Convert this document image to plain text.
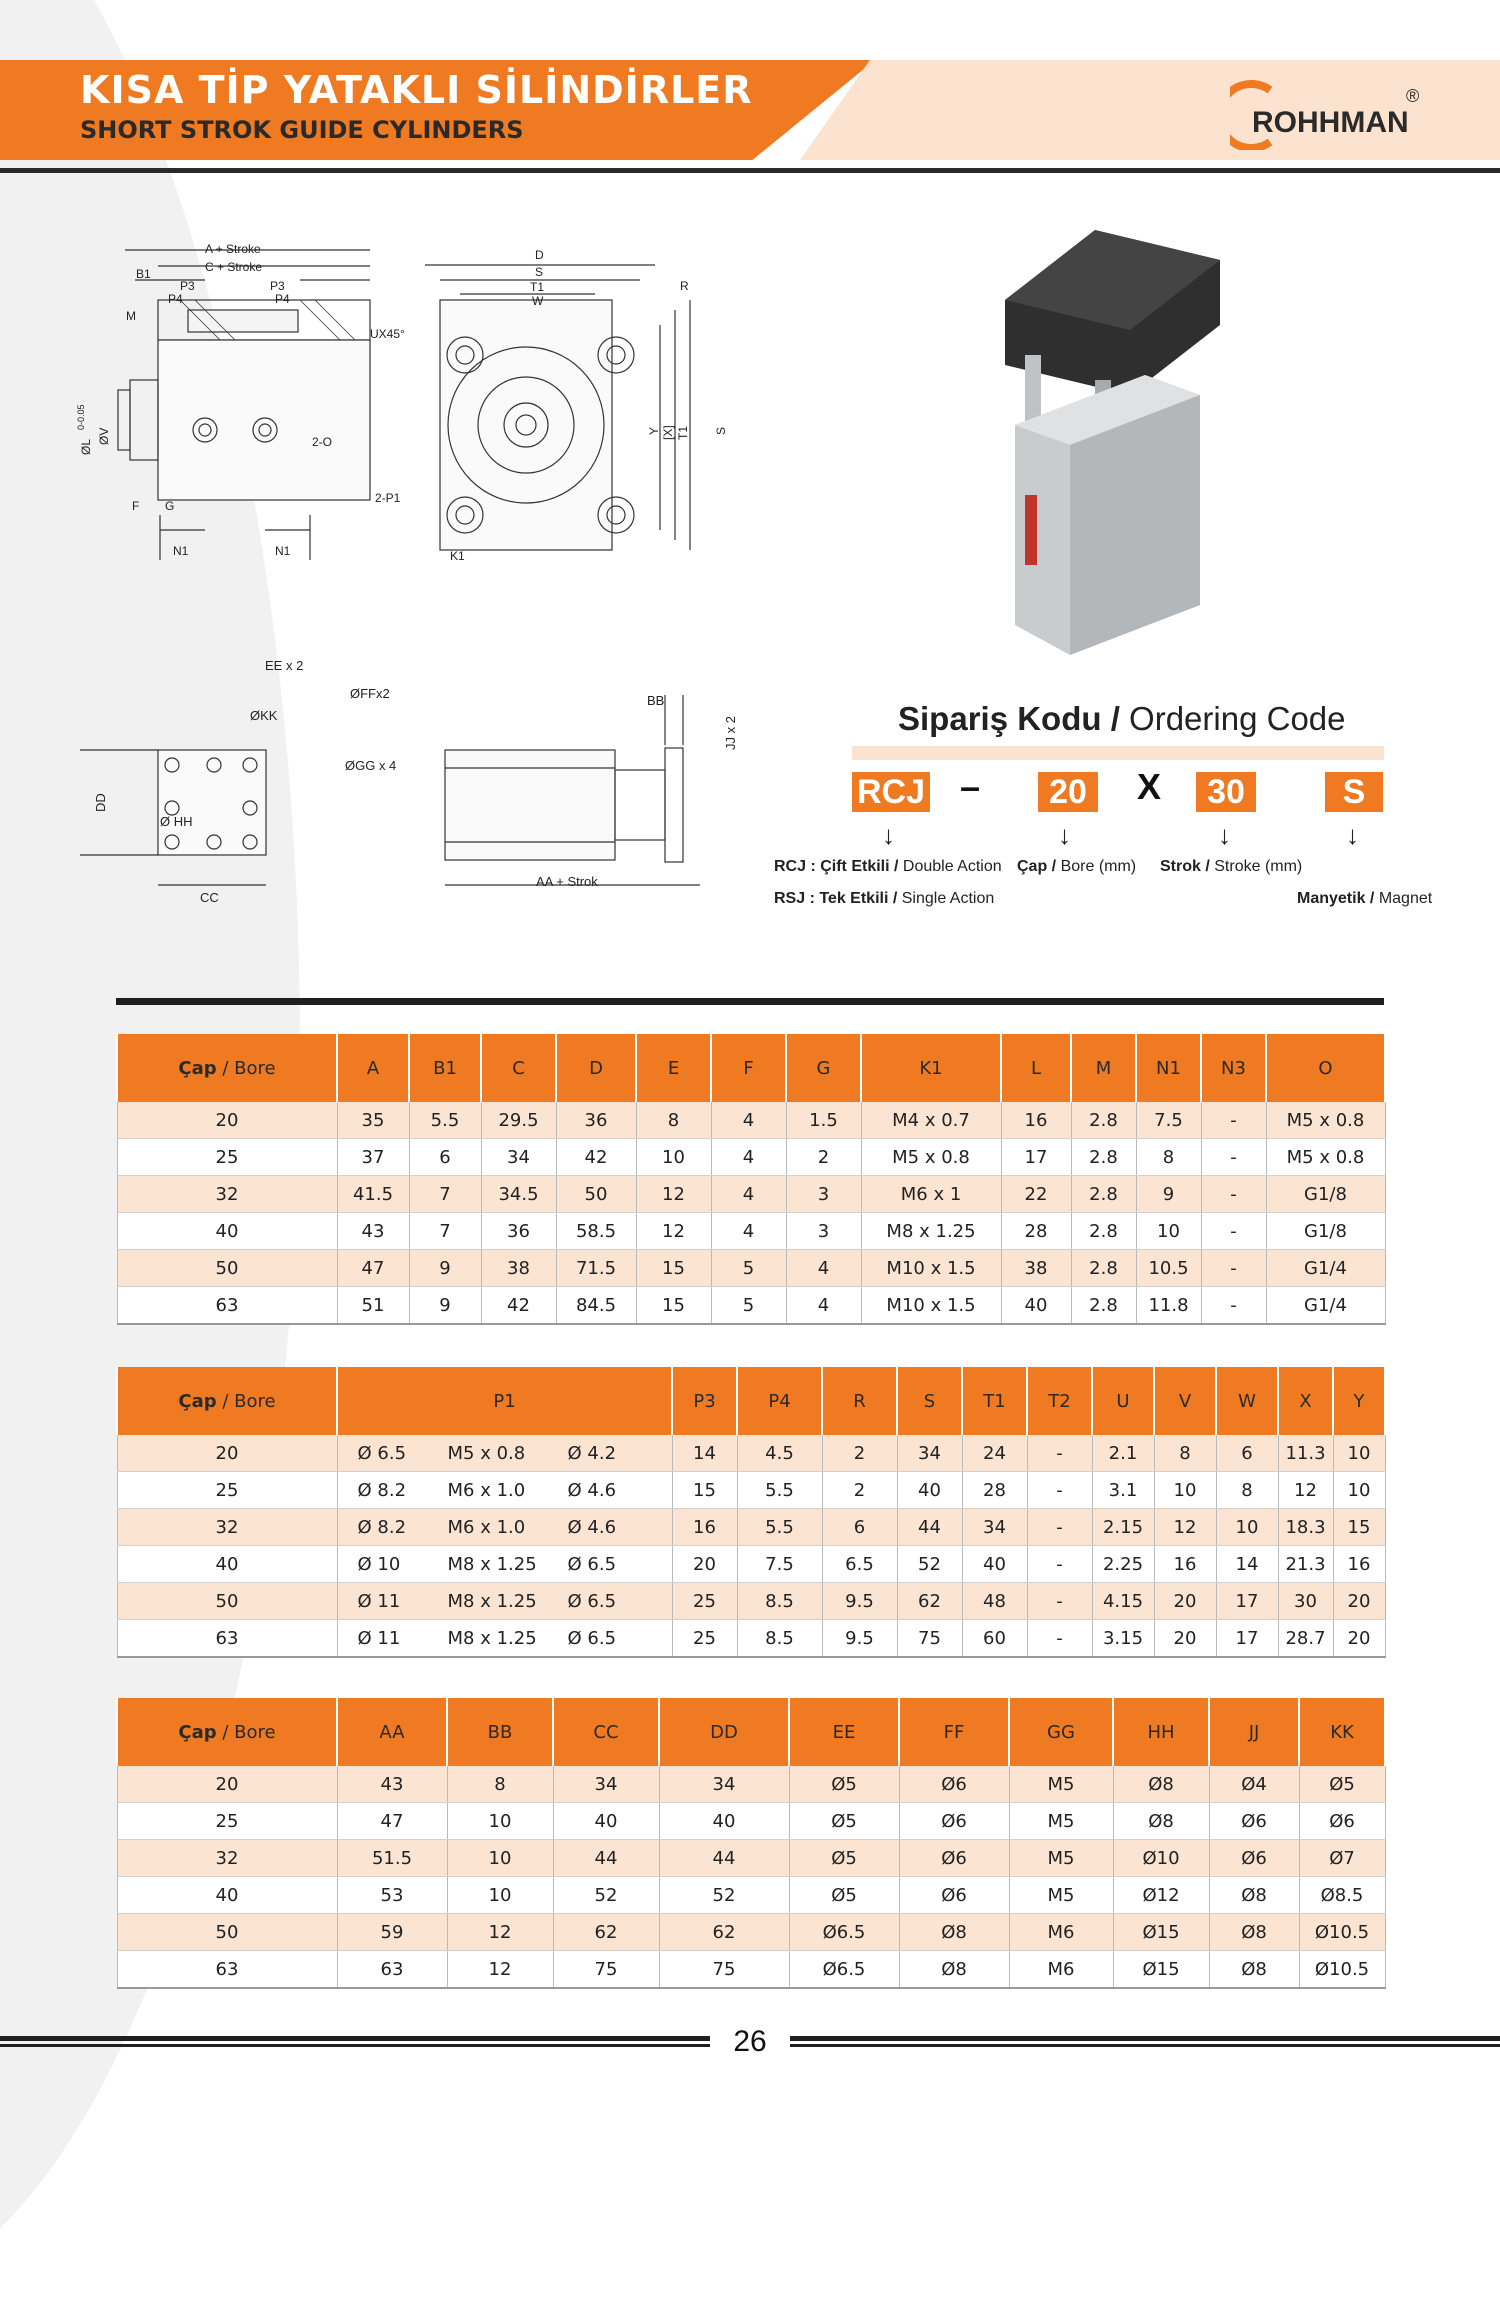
KISA TİP YATAKLI SİLİNDİRLER
SHORT STROK GUIDE CYLINDERS	ROHHMAN
®
A + Stroke
C + Stroke
B1
P3	P3
P4	P4
M
ØL
0-0.05
ØV	2-O
F G
N1	N1
D
S
T1
W
R
UX45°
Y [X] T1 S
2-P1
K1
EE x 2
ØFFx2
ØKK
ØGG x 4
Ø HH
DD
CC
BB
JJ x 2
AA + Strok
Sipariş Kodu / Ordering Code
RCJ –	20	X	30	S
↓	↓	↓	↓
RCJ : Çift Etkili / Double Action
RSJ : Tek Etkili / Single Action
Çap / Bore (mm) Strok / Stroke (mm)
Manyetik / Magnet
Çap / Bore	A	B1	C	D	E	F	G	K1	L	M	N1	N3	O
20	35	5.5	29.5	36	8	4	1.5	M4 x 0.7	16	2.8	7.5	-	M5 x 0.8
25	37	6	34	42	10	4	2	M5 x 0.8	17	2.8	8	-	M5 x 0.8
32	41.5	7	34.5	50	12	4	3	M6 x 1	22	2.8	9	-	G1/8
40	43	7	36	58.5	12	4	3	M8 x 1.25	28	2.8	10	-	G1/8
50	47	9	38	71.5	15	5	4	M10 x 1.5	38	2.8	10.5	-	G1/4
63	51	9	42	84.5	15	5	4	M10 x 1.5	40	2.8	11.8	-	G1/4
Çap / Bore	P1	P3	P4	R	S	T1	T2	U	V	W	X	Y
20	Ø 6.5 M5 x 0.8 Ø 4.2	14	4.5	2	34	24	-	2.1	8	6	11.3	10
25	Ø 8.2 M6 x 1.0 Ø 4.6	15	5.5	2	40	28	-	3.1	10	8	12	10
32	Ø 8.2 M6 x 1.0 Ø 4.6	16	5.5	6	44	34	-	2.15	12	10	18.3	15
40	Ø 10 M8 x 1.25 Ø 6.5	20	7.5	6.5	52	40	-	2.25	16	14	21.3	16
50	Ø 11 M8 x 1.25 Ø 6.5	25	8.5	9.5	62	48	-	4.15	20	17	30	20
63	Ø 11 M8 x 1.25 Ø 6.5	25	8.5	9.5	75	60	-	3.15	20	17	28.7	20
Çap / Bore	AA	BB	CC	DD	EE	FF	GG	HH	JJ	KK
20	43	8	34	34	Ø5	Ø6	M5	Ø8	Ø4	Ø5
25	47	10	40	40	Ø5	Ø6	M5	Ø8	Ø6	Ø6
32	51.5	10	44	44	Ø5	Ø6	M5	Ø10	Ø6	Ø7
40	53	10	52	52	Ø5	Ø6	M5	Ø12	Ø8	Ø8.5
50	59	12	62	62	Ø6.5	Ø8	M6	Ø15	Ø8	Ø10.5
63	63	12	75	75	Ø6.5	Ø8	M6	Ø15	Ø8	Ø10.5
26
